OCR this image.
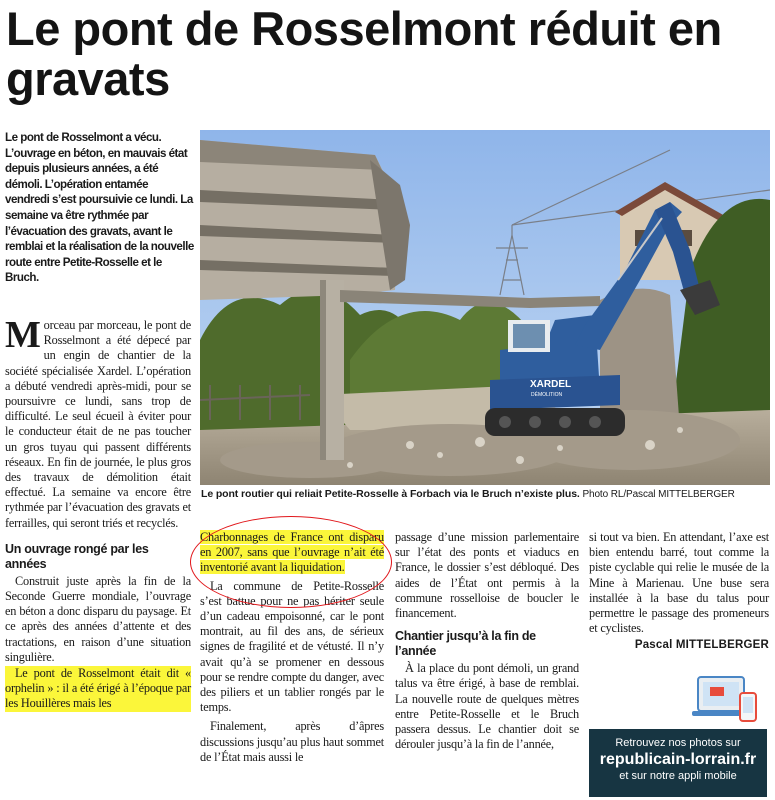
Le pont de Rosselmont réduit en gravats

Le pont de Rosselmont a vécu. L’ouvrage en béton, en mauvais état depuis plusieurs années, a été démoli. L’opération entamée vendredi s’est poursuivie ce lundi. La semaine va être rythmée par l’évacuation des gravats, avant le remblai et la réalisation de la nouvelle route entre Petite-Rosselle et le Bruch.

XARDEL
DÉMOLITION
Le pont routier qui reliait Petite-Rosselle à Forbach via le Bruch n’existe plus. Photo RL/Pascal MITTELBERGER

Morceau par morceau, le pont de Rosselmont a été dépecé par un engin de chantier de la société spécialisée Xardel. L’opération a débuté vendredi après-midi, pour se poursuivre ce lundi, sans trop de difficulté. Le seul écueil à éviter pour le conducteur était de ne pas toucher un gros tuyau qui passent différents réseaux. En fin de journée, le plus gros des travaux de démolition était effectué. La semaine va encore être rythmée par l’évacuation des gravats et ferrailles, qui seront triés et recyclés.

Un ouvrage rongé par les années

Construit juste après la fin de la Seconde Guerre mondiale, l’ouvrage en béton a donc disparu du paysage. Et ce après des années d’attente et des tractations, en raison d’une situation singulière.

Le pont de Rosselmont était dit « orphelin » : il a été érigé à l’époque par les Houillères mais les

Charbonnages de France ont disparu en 2007, sans que l’ouvrage n’ait été inventorié avant la liquidation.

La commune de Petite-Rosselle s’est battue pour ne pas hériter seule d’un cadeau empoisonné, car le pont montrait, au fil des ans, de sérieux signes de fragilité et de vétusté. Il n’y avait qu’à se promener en dessous pour se rendre compte du danger, avec des piliers et un tablier rongés par le temps.

Finalement, après d’âpres discussions jusqu’au plus haut sommet de l’État mais aussi le

passage d’une mission parlementaire sur l’état des ponts et viaducs en France, le dossier s’est débloqué. Des aides de l’État ont permis à la commune rosselloise de boucler le financement.

Chantier jusqu’à la fin de l’année

À la place du pont démoli, un grand talus va être érigé, à base de remblai. La nouvelle route de quelques mètres entre Petite-Rosselle et le Bruch passera dessus. Le chantier doit se dérouler jusqu’à la fin de l’année,

si tout va bien. En attendant, l’axe est bien entendu barré, tout comme la piste cyclable qui relie le musée de la Mine à Marienau. Une buse sera installée à la base du talus pour permettre le passage des promeneurs et cyclistes.

Pascal MITTELBERGER
Retrouvez nos photos sur
republicain-lorrain.fr
et sur notre appli mobile
